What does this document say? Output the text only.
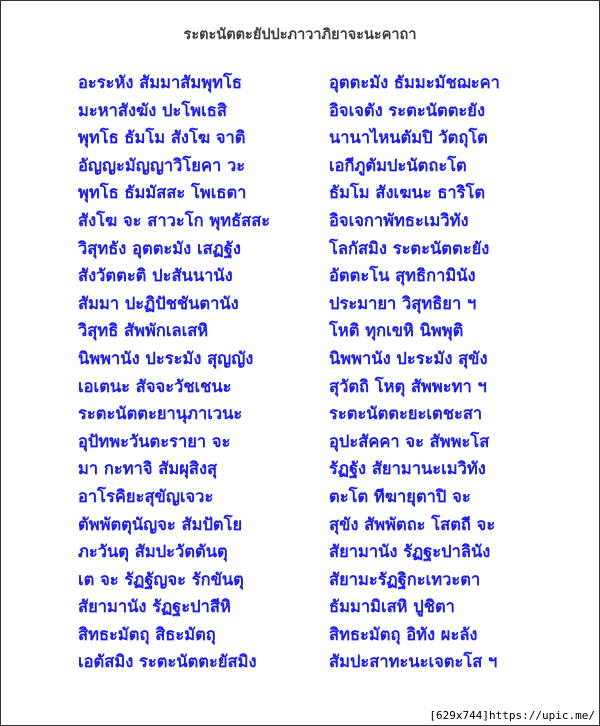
ระตะนัตตะยัปปะภาวาภิยาจะนะคาถา
อะระหัง สัมมาสัมพุทโธ
มะหาสังฆัง ปะโพเธสิ
พุทโธ ธัมโม สังโฆ จาติ
อัญญะมัญญาวิโยคา วะ
พุทโธ ธัมมัสสะ โพเธตา
สังโฆ จะ สาวะโก พุทธัสสะ
วิสุทธัง อุตตะมัง เสฏฐัง
สังวัตตะติ ปะสันนานัง
สัมมา ปะฏิปัชชันตานัง
วิสุทธิ สัพพักเลเสหิ
นิพพานัง ปะระมัง สุญญัง
เอเตนะ สัจจะวัชเชนะ
ระตะนัตตะยานุภาเวนะ
อุปัทพะวันตะรายา จะ
มา กะทาจิ สัมผุสิงสุ
อาโรคิยะสุขัญเจวะ
ตัพพัตตุนัญจะ สัมปัตโย
ภะวันตุ สัมปะวัตตันตุ
เต จะ รัฏฐัญจะ รักขันตุ
สัยามานัง รัฏฐะปาสีหิ
สิทธะมัตถุ สิธะมัตถุ
เอตัสมิง ระตะนัตตะยัสมิง
อุตตะมัง ธัมมะมัชฌะคา
อิจเจตัง ระตะนัตตะยัง
นานาไหนตัมปิ วัตถุโต
เอกีภูตัมปะนัตถะโต
ธัมโม สังเฆนะ ธาริโต
อิจเจกาพัทธะเมวิทัง
โลกัสมิง ระตะนัตตะยัง
อัตตะโน สุทธิกามินัง
ประมายา วิสุทธิยา ฯ
โหติ ทุกเขหิ นิพพุติ
นิพพานัง ปะระมัง สุขัง
สุวัตถิ โหตุ สัพพะทา ฯ
ระตะนัตตะยะเตชะสา
อุปะสัคคา จะ สัพพะโส
รัฏฐัง สัยามานะเมวิทัง
ตะโต ทีฆายุตาปิ จะ
สุขัง สัพพัตถะ โสตถี จะ
สัยามานัง รัฏฐะปาลินัง
สัยามะรัฏฐิกะเทวะตา
ธัมมามิเสหิ ปูชิตา
สิทธะมัตถุ อิทัง ผะลัง
สัมปะสาทะนะเจตะโส ฯ
[629x744]https://upic.me/
